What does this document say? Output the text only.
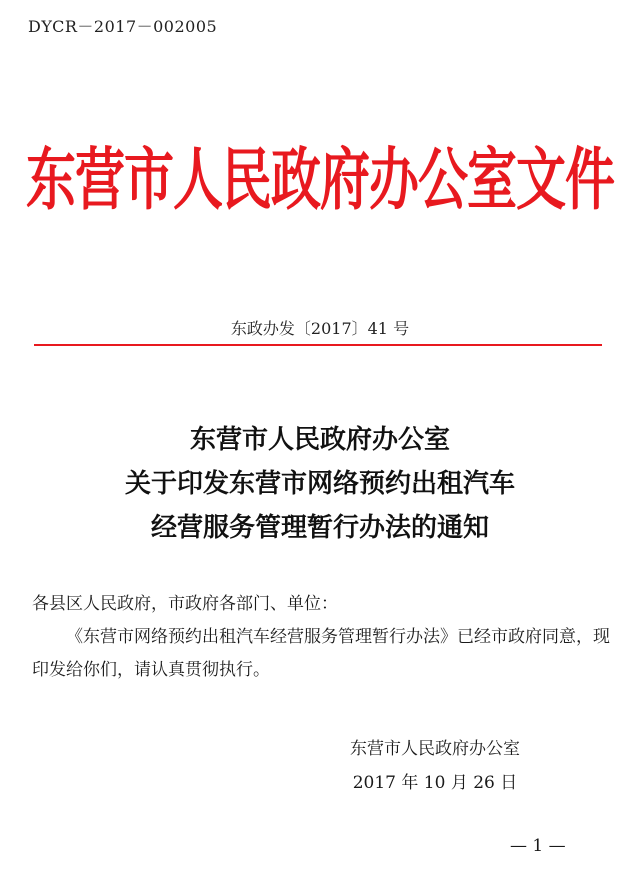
DYCR－2017－002005
东营市人民政府办公室文件
东政办发〔2017〕41 号
东营市人民政府办公室
关于印发东营市网络预约出租汽车
经营服务管理暂行办法的通知

各县区人民政府，市政府各部门、单位：

《东营市网络预约出租汽车经营服务管理暂行办法》已经市政府同意，现印发给你们，请认真贯彻执行。

东营市人民政府办公室
2017 年 10 月 26 日
— 1 —
